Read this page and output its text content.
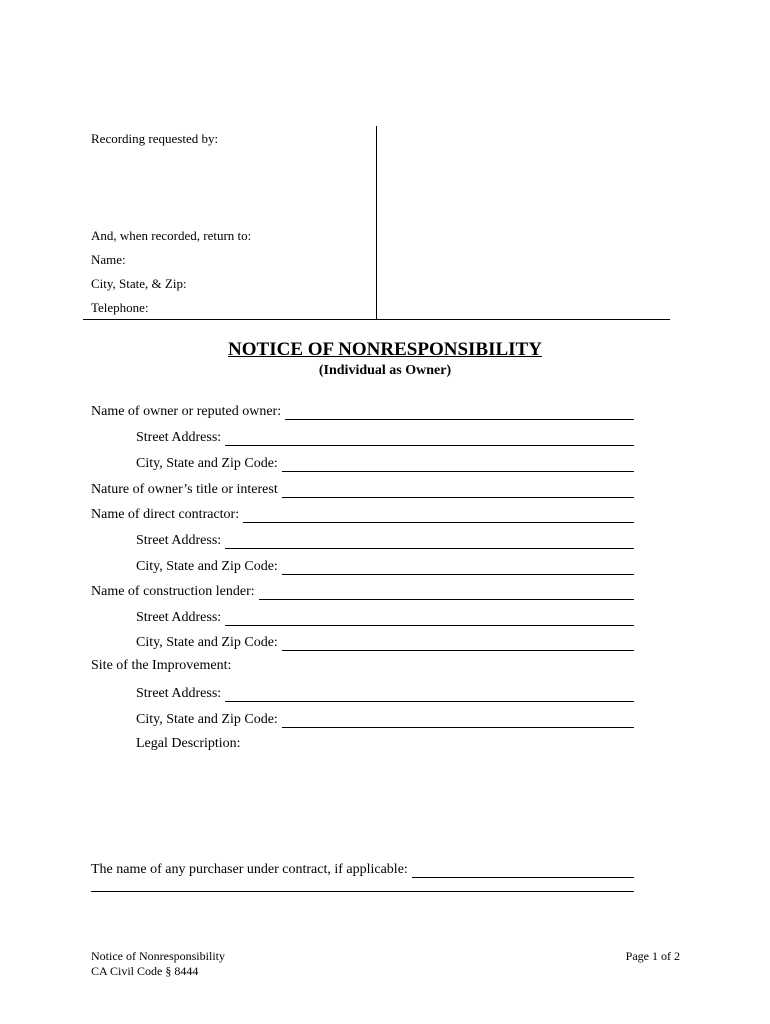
Recording requested by:
And, when recorded, return to:
Name:
City, State, & Zip:
Telephone:
NOTICE OF NONRESPONSIBILITY
(Individual as Owner)
Name of owner or reputed owner:
Street Address:
City, State and Zip Code:
Nature of owner’s title or interest
Name of direct contractor:
Street Address:
City, State and Zip Code:
Name of construction lender:
Street Address:
City, State and Zip Code:
Site of the Improvement:
Street Address:
City, State and Zip Code:
Legal Description:
The name of any purchaser under contract, if applicable:
Notice of Nonresponsibility
CA Civil Code § 8444
Page 1 of 2
